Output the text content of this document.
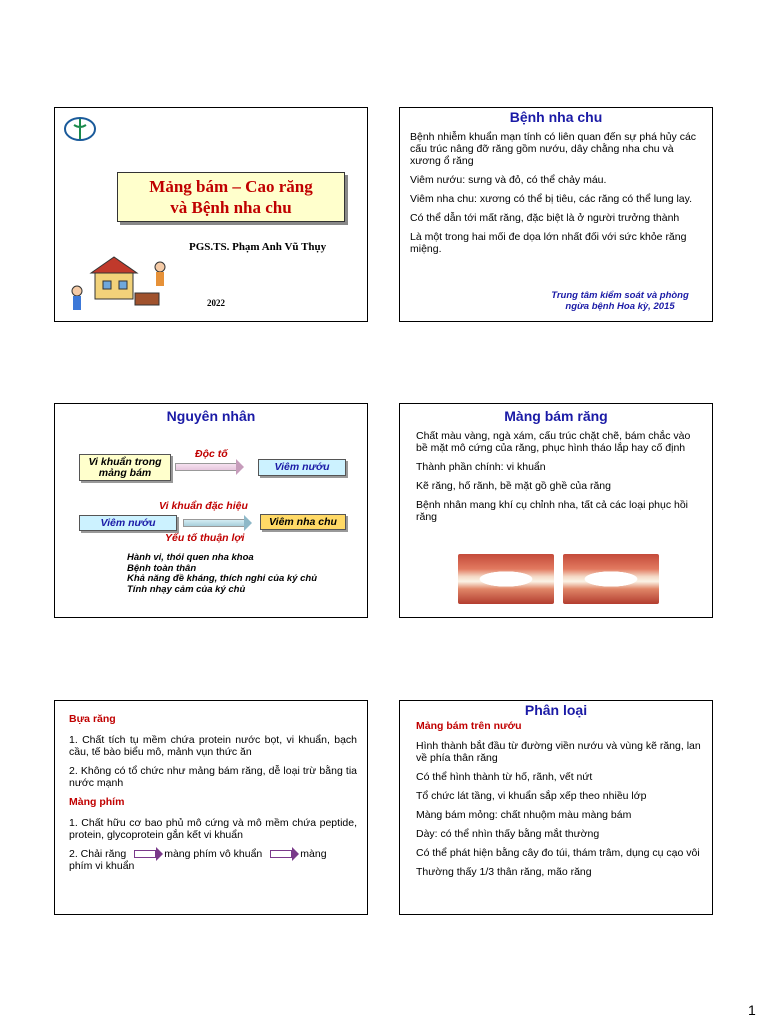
Mảng bám – Cao răng
và Bệnh nha chu
PGS.TS. Phạm Anh Vũ Thụy
2022
Bệnh nha chu

Bệnh nhiễm khuẩn mạn tính có liên quan đến sự phá hủy các cấu trúc nâng đỡ răng gồm nướu, dây chằng nha chu và xương ổ răng

Viêm nướu: sưng và đỏ, có thể chảy máu.

Viêm nha chu: xương có thể bị tiêu, các răng có thể lung lay.

Có thể dẫn tới mất răng, đặc biệt là ở người trưởng thành

Là một trong hai mối đe dọa lớn nhất đối với sức khỏe răng miệng.

Trung tâm kiểm soát và phòng
ngừa bệnh Hoa kỳ, 2015
Nguyên nhân
Vi khuẩn trong mảng bám
Độc tố
Viêm nướu
Vi khuẩn đặc hiệu
Viêm nướu	Viêm nha chu
Yếu tố thuận lợi
Hành vi, thói quen nha khoa
Bệnh toàn thân
Khả năng đề kháng, thích nghi của ký chủ
Tính nhạy cảm của ký chủ
Màng bám răng

Chất màu vàng, ngà xám, cấu trúc chặt chẽ, bám chắc vào bề mặt mô cứng của răng, phục hình tháo lắp hay cố định

Thành phần chính: vi khuẩn

Kẽ răng, hố rãnh, bề mặt gồ ghề của răng

Bệnh nhân mang khí cụ chỉnh nha, tất cả các loại phục hồi răng

Bựa răng

1. Chất tích tụ mềm chứa protein nước bọt, vi khuẩn, bạch cầu, tế bào biểu mô, mảnh vụn thức ăn

2. Không có tổ chức như mảng bám răng, dễ loại trừ bằng tia nước mạnh

Màng phím

1. Chất hữu cơ bao phủ mô cứng và mô mềm chứa peptide, protein, glycoprotein gắn kết vi khuẩn

2. Chải răng	màng phím vô khuẩn	màng
phím vi khuẩn

Phân loại

Mảng bám trên nướu

Hình thành bắt đầu từ đường viền nướu và vùng kẽ răng, lan về phía thân răng

Có thể hình thành từ hố, rãnh, vết nứt

Tổ chức lát tầng, vi khuẩn sắp xếp theo nhiều lớp

Màng bám mỏng: chất nhuộm màu màng bám

Dày: có thể nhìn thấy bằng mắt thường

Có thể phát hiện bằng cây đo túi, thám trâm, dụng cụ cạo vôi

Thường thấy 1/3 thân răng, mão răng

1
